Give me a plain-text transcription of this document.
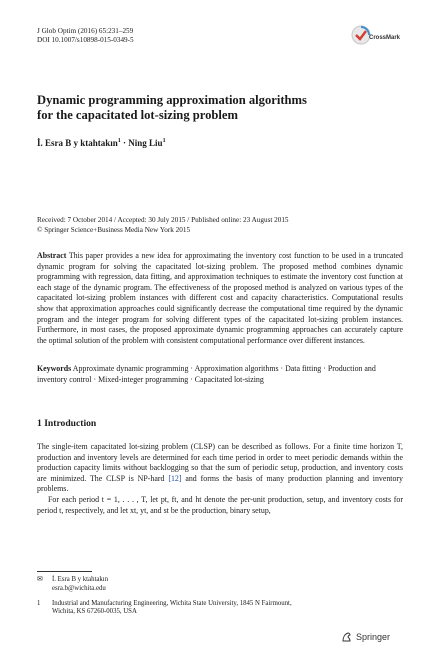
J Glob Optim (2016) 65:231–259
DOI 10.1007/s10898-015-0349-5	CrossMark
Dynamic programming approximation algorithms
for the capacitated lot-sizing problem
İ. Esra B y ktahtakın$^1$ · Ning Liu$^1$
Received: 7 October 2014 / Accepted: 30 July 2015 / Published online: 23 August 2015
© Springer Science+Business Media New York 2015
Abstract This paper provides a new idea for approximating the inventory cost function to be used in a truncated dynamic program for solving the capacitated lot-sizing problem. The proposed method combines dynamic programming with regression, data fitting, and approximation techniques to estimate the inventory cost function at each stage of the dynamic program. The effectiveness of the proposed method is analyzed on various types of the capacitated lot-sizing problem instances with different cost and capacity characteristics. Computational results show that approximation approaches could significantly decrease the computational time required by the dynamic program and the integer program for solving different types of the capacitated lot-sizing problem instances. Furthermore, in most cases, the proposed approximate dynamic programming approaches can accurately capture the optimal solution of the problem with consistent computational performance over different instances.
Keywords Approximate dynamic programming · Approximation algorithms · Data fitting · Production and inventory control · Mixed-integer programming · Capacitated lot-sizing
1 Introduction

The single-item capacitated lot-sizing problem (CLSP) can be described as follows. For a finite time horizon T, production and inventory levels are determined for each time period in order to meet periodic demands within the production capacity limits without backlogging so that the sum of periodic setup, production, and inventory costs are minimized. The CLSP is NP-hard [12] and forms the basis of many production planning and inventory problems.

For each period t = 1, . . . , T, let pt, ft, and ht denote the per-unit production, setup, and inventory costs for period t, respectively, and let xt, yt, and st be the production, binary setup,

✉	İ. Esra B y ktahtakın
esra.b@wichita.edu
1	Industrial and Manufacturing Engineering, Wichita State University, 1845 N Fairmount,
Wichita, KS 67260-0035, USA
Springer
